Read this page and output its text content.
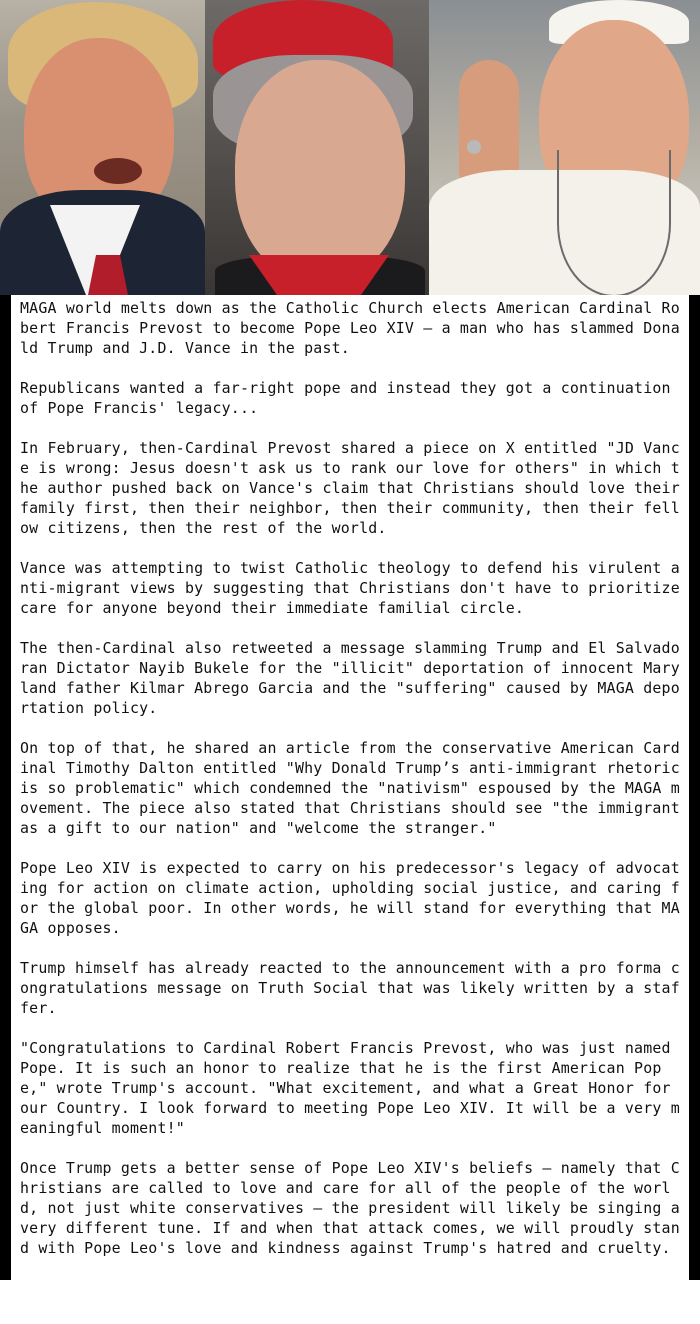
MAGA world melts down as the Catholic Church elects American Cardinal Robert Francis Prevost to become Pope Leo XIV — a man who has slammed Donald Trump and J.D. Vance in the past.

Republicans wanted a far-right pope and instead they got a continuation of Pope Francis' legacy...

In February, then-Cardinal Prevost shared a piece on X entitled "JD Vance is wrong: Jesus doesn't ask us to rank our love for others" in which the author pushed back on Vance's claim that Christians should love their family first, then their neighbor, then their community, then their fellow citizens, then the rest of the world.

Vance was attempting to twist Catholic theology to defend his virulent anti-migrant views by suggesting that Christians don't have to prioritize care for anyone beyond their immediate familial circle.

The then-Cardinal also retweeted a message slamming Trump and El Salvadoran Dictator Nayib Bukele for the "illicit" deportation of innocent Maryland father Kilmar Abrego Garcia and the "suffering" caused by MAGA deportation policy.

On top of that, he shared an article from the conservative American Cardinal Timothy Dalton entitled "Why Donald Trump’s anti-immigrant rhetoric is so problematic" which condemned the "nativism" espoused by the MAGA movement. The piece also stated that Christians should see "the immigrant as a gift to our nation" and "welcome the stranger."

Pope Leo XIV is expected to carry on his predecessor's legacy of advocating for action on climate action, upholding social justice, and caring for the global poor. In other words, he will stand for everything that MAGA opposes.

Trump himself has already reacted to the announcement with a pro forma congratulations message on Truth Social that was likely written by a staffer.

"Congratulations to Cardinal Robert Francis Prevost, who was just named Pope. It is such an honor to realize that he is the first American Pope," wrote Trump's account. "What excitement, and what a Great Honor for our Country. I look forward to meeting Pope Leo XIV. It will be a very meaningful moment!"

Once Trump gets a better sense of Pope Leo XIV's beliefs — namely that Christians are called to love and care for all of the people of the world, not just white conservatives — the president will likely be singing a very different tune. If and when that attack comes, we will proudly stand with Pope Leo's love and kindness against Trump's hatred and cruelty.
